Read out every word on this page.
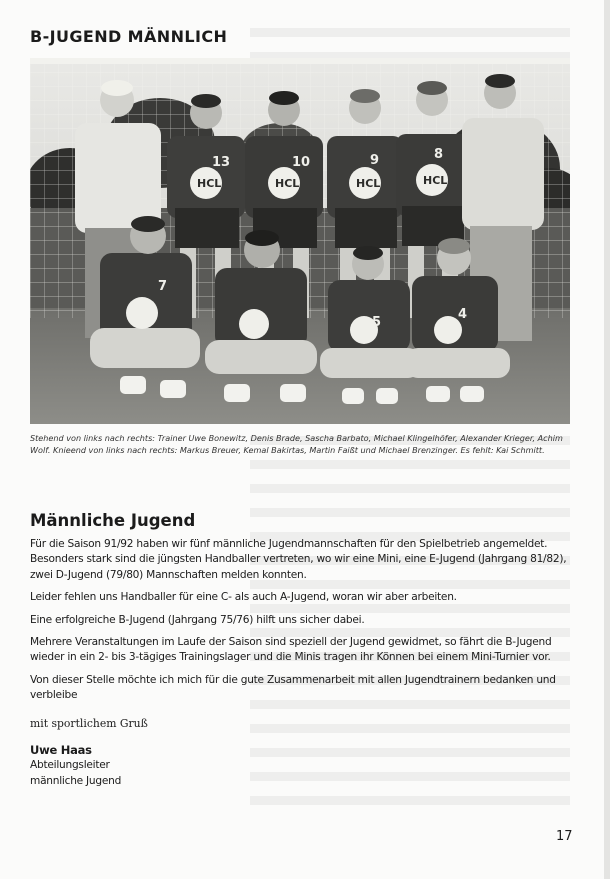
B-JUGEND MÄNNLICH
13	10	9	8
7
5
4
HCL	HCL	HCL	HCL
Stehend von links nach rechts: Trainer Uwe Bonewitz, Denis Brade, Sascha Barbato, Michael Klingelhöfer, Alexander Krieger, Achim Wolf. Knieend von links nach rechts: Markus Breuer, Kemal Bakirtas, Martin Faißt und Michael Brenzinger. Es fehlt: Kai Schmitt.
Männliche Jugend

Für die Saison 91/92 haben wir fünf männliche Jugendmannschaften für den Spielbetrieb angemeldet. Besonders stark sind die jüngsten Handballer vertreten, wo wir eine Mini, eine E-Jugend (Jahrgang 81/82), zwei D-Jugend (79/80) Mannschaften melden konnten.

Leider fehlen uns Handballer für eine C- als auch A-Jugend, woran wir aber arbeiten.

Eine erfolgreiche B-Jugend (Jahrgang 75/76) hilft uns sicher dabei.

Mehrere Veranstaltungen im Laufe der Saison sind speziell der Jugend gewidmet, so fährt die B-Jugend wieder in ein 2- bis 3-tägiges Trainingslager und die Minis tragen ihr Können bei einem Mini-Turnier vor.

Von dieser Stelle möchte ich mich für die gute Zusammenarbeit mit allen Jugendtrainern bedanken und verbleibe

mit sportlichem Gruß

Uwe Haas
Abteilungsleiter
männliche Jugend
17
